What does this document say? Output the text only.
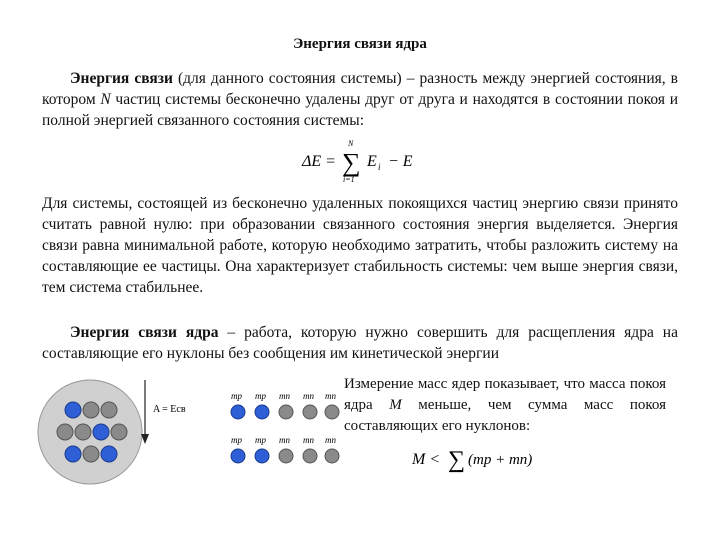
Энергия связи ядра

Энергия связи (для данного состояния системы) – разность между энергией состояния, в котором N частиц системы бесконечно удалены друг от друга и находятся в состоянии покоя и полной энергией связанного состояния системы:

ΔE =
N
∑
i=1
E i − E

Для системы, состоящей из бесконечно удаленных покоящихся частиц энергию связи принято считать равной нулю: при образовании связанного состояния энергия выделяется. Энергия связи равна минимальной работе, которую необходимо затратить, чтобы разложить систему на составляющие ее частицы. Она характеризует стабильность системы: чем выше энергия связи, тем система стабильнее.

Энергия связи ядра – работа, которую нужно совершить для расщепления ядра на составляющие его нуклоны без сообщения им кинетической энергии

A = Eсв
mp mp mn mn mn
mp mp mn mn mn

Измерение масс ядер показывает, что масса покоя ядра M меньше, чем сумма масс покоя составляющих его нуклонов:

M < ∑ (mp + mn)
